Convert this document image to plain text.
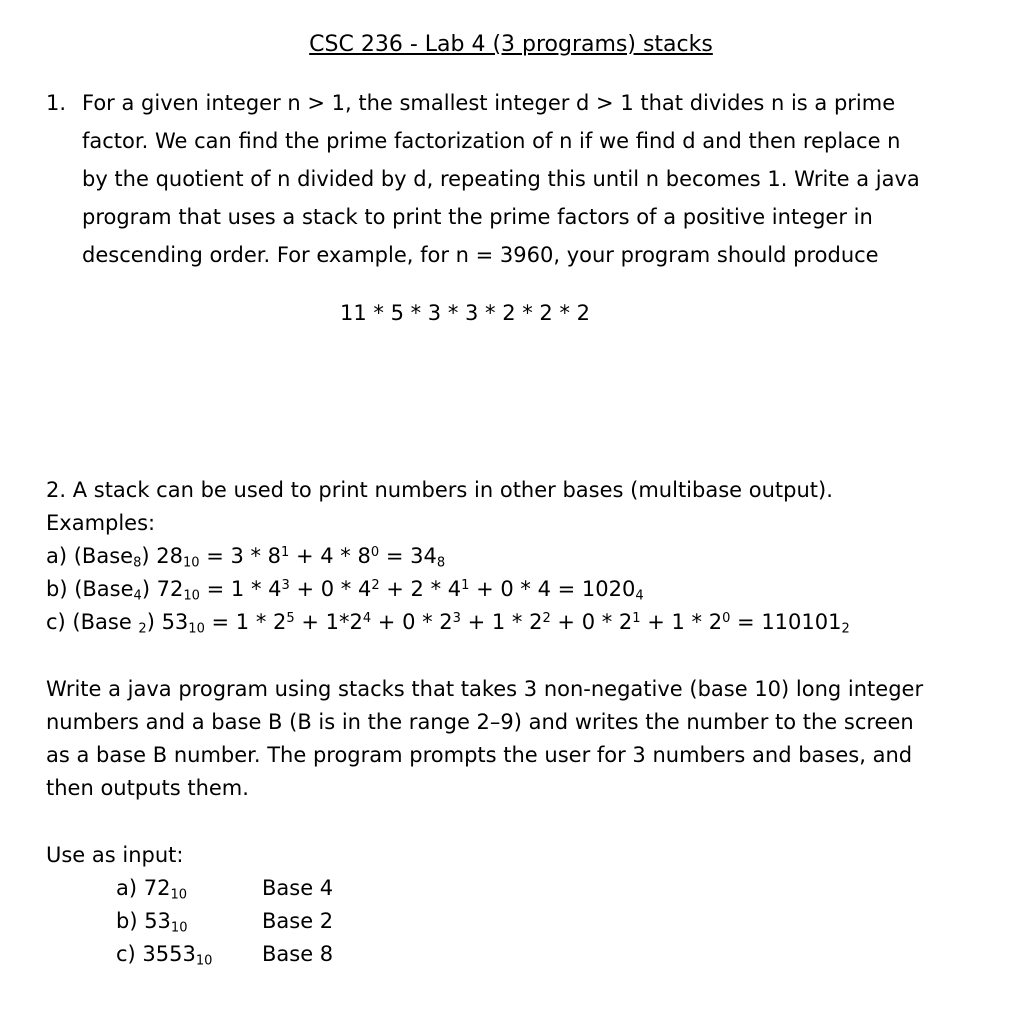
CSC 236 - Lab 4 (3 programs) stacks
1. For a given integer n > 1, the smallest integer d > 1 that divides n is a prime
factor. We can find the prime factorization of n if we find d and then replace n
by the quotient of n divided by d, repeating this until n becomes 1. Write a java
program that uses a stack to print the prime factors of a positive integer in
descending order. For example, for n = 3960, your program should produce
11 * 5 * 3 * 3 * 2 * 2 * 2
2. A stack can be used to print numbers in other bases (multibase output).
Examples:
a) (Base$_8$) $28_{10} = 3 * 8^1 + 4 * 8^0 = 34_8$
b) (Base$_4$) $72_{10} = 1 * 4^3 + 0 * 4^2 + 2 * 4^1 + 0 * 4 = 1020_4$
c) (Base $_2$) $53_{10} = 1 * 2^5 + 1*2^4 + 0 * 2^3 + 1 * 2^2 + 0 * 2^1 + 1 * 2^0 = 110101_2$
Write a java program using stacks that takes 3 non-negative (base 10) long integer
numbers and a base B (B is in the range 2–9) and writes the number to the screen
as a base B number. The program prompts the user for 3 numbers and bases, and
then outputs them.
Use as input:
a) $72_{10}$	Base 4
b) $53_{10}$	Base 2
c) $3553_{10}$ Base 8
